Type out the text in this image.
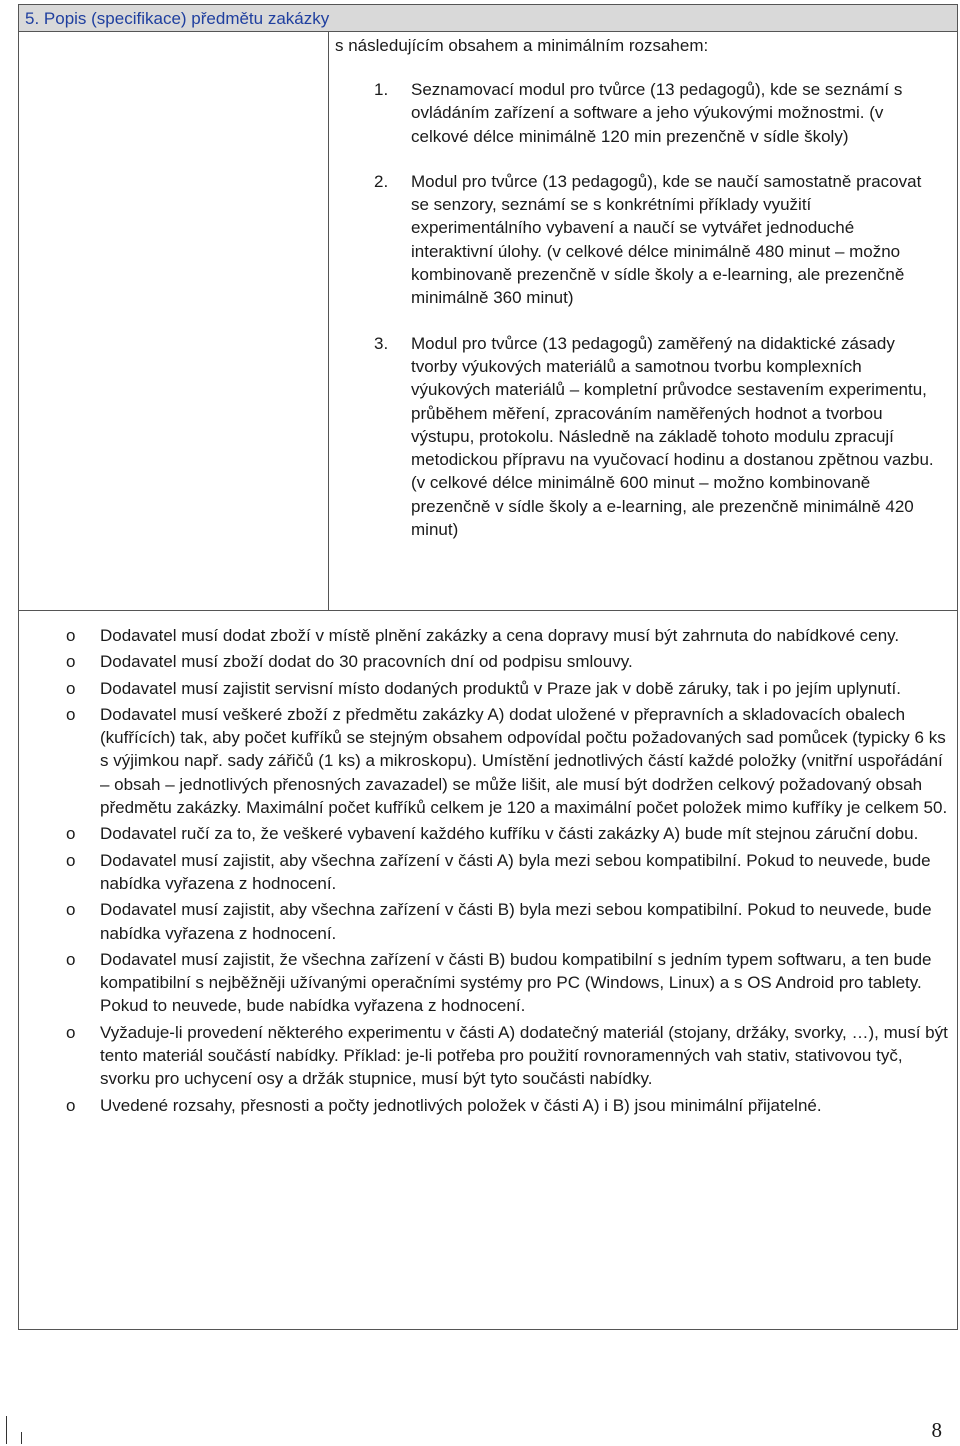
5. Popis (specifikace) předmětu zakázky
s následujícím obsahem a minimálním rozsahem:
1. Seznamovací modul pro tvůrce (13 pedagogů), kde se seznámí s ovládáním zařízení a software a jeho výukovými možnostmi. (v celkové délce minimálně 120 min prezenčně v sídle školy)
2. Modul pro tvůrce (13 pedagogů), kde se naučí samostatně pracovat se senzory, seznámí se s konkrétními příklady využití experimentálního vybavení a naučí se vytvářet jednoduché interaktivní úlohy. (v celkové délce minimálně 480 minut – možno kombinovaně prezenčně v sídle školy a e-learning, ale prezenčně minimálně 360 minut)
3. Modul pro tvůrce (13 pedagogů) zaměřený na didaktické zásady tvorby výukových materiálů a samotnou tvorbu komplexních výukových materiálů – kompletní průvodce sestavením experimentu, průběhem měření, zpracováním naměřených hodnot a tvorbou výstupu, protokolu. Následně na základě tohoto modulu zpracují metodickou přípravu na vyučovací hodinu a dostanou zpětnou vazbu. (v celkové délce minimálně 600 minut – možno kombinovaně prezenčně v sídle školy a e-learning, ale prezenčně minimálně 420 minut)
o Dodavatel musí dodat zboží v místě plnění zakázky a cena dopravy musí být zahrnuta do nabídkové ceny.
o Dodavatel musí zboží dodat do 30 pracovních dní od podpisu smlouvy.
o Dodavatel musí zajistit servisní místo dodaných produktů v Praze jak v době záruky, tak i po jejím uplynutí.
o Dodavatel musí veškeré zboží z předmětu zakázky A) dodat uložené v přepravních a skladovacích obalech (kufřících) tak, aby počet kufříků se stejným obsahem odpovídal počtu požadovaných sad pomůcek (typicky 6 ks s výjimkou např. sady zářičů (1 ks) a mikroskopu). Umístění jednotlivých částí každé položky (vnitřní uspořádání – obsah – jednotlivých přenosných zavazadel) se může lišit, ale musí být dodržen celkový požadovaný obsah předmětu zakázky. Maximální počet kufříků celkem je 120 a maximální počet položek mimo kufříky je celkem 50.
o Dodavatel ručí za to, že veškeré vybavení každého kufříku v části zakázky A) bude mít stejnou záruční dobu.
o Dodavatel musí zajistit, aby všechna zařízení v části A) byla mezi sebou kompatibilní. Pokud to neuvede, bude nabídka vyřazena z hodnocení.
o Dodavatel musí zajistit, aby všechna zařízení v části B) byla mezi sebou kompatibilní. Pokud to neuvede, bude nabídka vyřazena z hodnocení.
o Dodavatel musí zajistit, že všechna zařízení v části B) budou kompatibilní s jedním typem softwaru, a ten bude kompatibilní s nejběžněji užívanými operačními systémy pro PC (Windows, Linux) a s OS Android pro tablety. Pokud to neuvede, bude nabídka vyřazena z hodnocení.
o Vyžaduje-li provedení některého experimentu v části A) dodatečný materiál (stojany, držáky, svorky, …), musí být tento materiál součástí nabídky. Příklad: je-li potřeba pro použití rovnoramenných vah stativ, stativovou tyč, svorku pro uchycení osy a držák stupnice, musí být tyto součásti nabídky.
o Uvedené rozsahy, přesnosti a počty jednotlivých položek v části A) i B) jsou minimální přijatelné.
8
